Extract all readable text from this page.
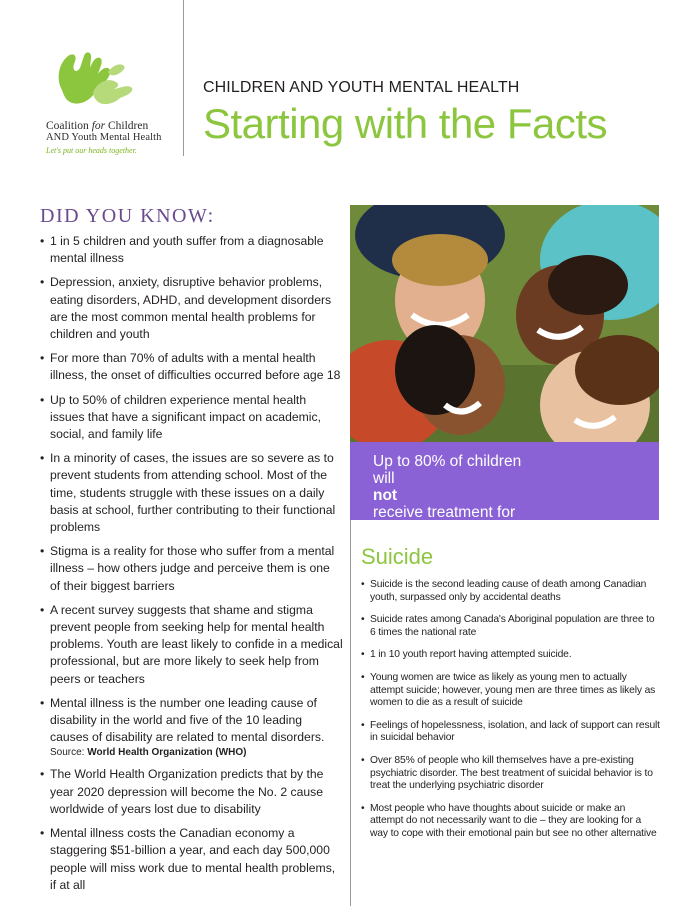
Coalition for Children
AND Youth Mental Health
Let's put our heads together.
CHILDREN AND YOUTH MENTAL HEALTH
Starting with the Facts
DID YOU KNOW:
• 1 in 5 children and youth suffer from a diagnosable mental illness
• Depression, anxiety, disruptive behavior problems, eating disorders, ADHD, and development disorders are the most common mental health problems for children and youth
• For more than 70% of adults with a mental health illness, the onset of difficulties occurred before age 18
• Up to 50% of children experience mental health issues that have a significant impact on academic, social, and family life
• In a minority of cases, the issues are so severe as to prevent students from attending school. Most of the time, students struggle with these issues on a daily basis at school, further contributing to their functional problems
• Stigma is a reality for those who suffer from a mental illness – how others judge and perceive them is one of their biggest barriers
• A recent survey suggests that shame and stigma prevent people from seeking help for mental health problems. Youth are least likely to confide in a medical professional, but are more likely to seek help from peers or teachers
• Mental illness is the number one leading cause of disability in the world and five of the 10 leading causes of disability are related to mental disorders.
Source: World Health Organization (WHO)
• The World Health Organization predicts that by the year 2020 depression will become the No. 2 cause worldwide of years lost due to disability
• Mental illness costs the Canadian economy a staggering $51-billion a year, and each day 500,000 people will miss work due to mental health problems, if at all
Up to 80% of children
will
not
receive treatment for
mental health difficulties.
Suicide
• Suicide is the second leading cause of death among Canadian youth, surpassed only by accidental deaths
• Suicide rates among Canada's Aboriginal population are three to 6 times the national rate
• 1 in 10 youth report having attempted suicide.
• Young women are twice as likely as young men to actually attempt suicide; however, young men are three times as likely as women to die as a result of suicide
• Feelings of hopelessness, isolation, and lack of support can result in suicidal behavior
• Over 85% of people who kill themselves have a pre-existing psychiatric disorder. The best treatment of suicidal behavior is to treat the underlying psychiatric disorder
• Most people who have thoughts about suicide or make an attempt do not necessarily want to die – they are looking for a way to cope with their emotional pain but see no other alternative
